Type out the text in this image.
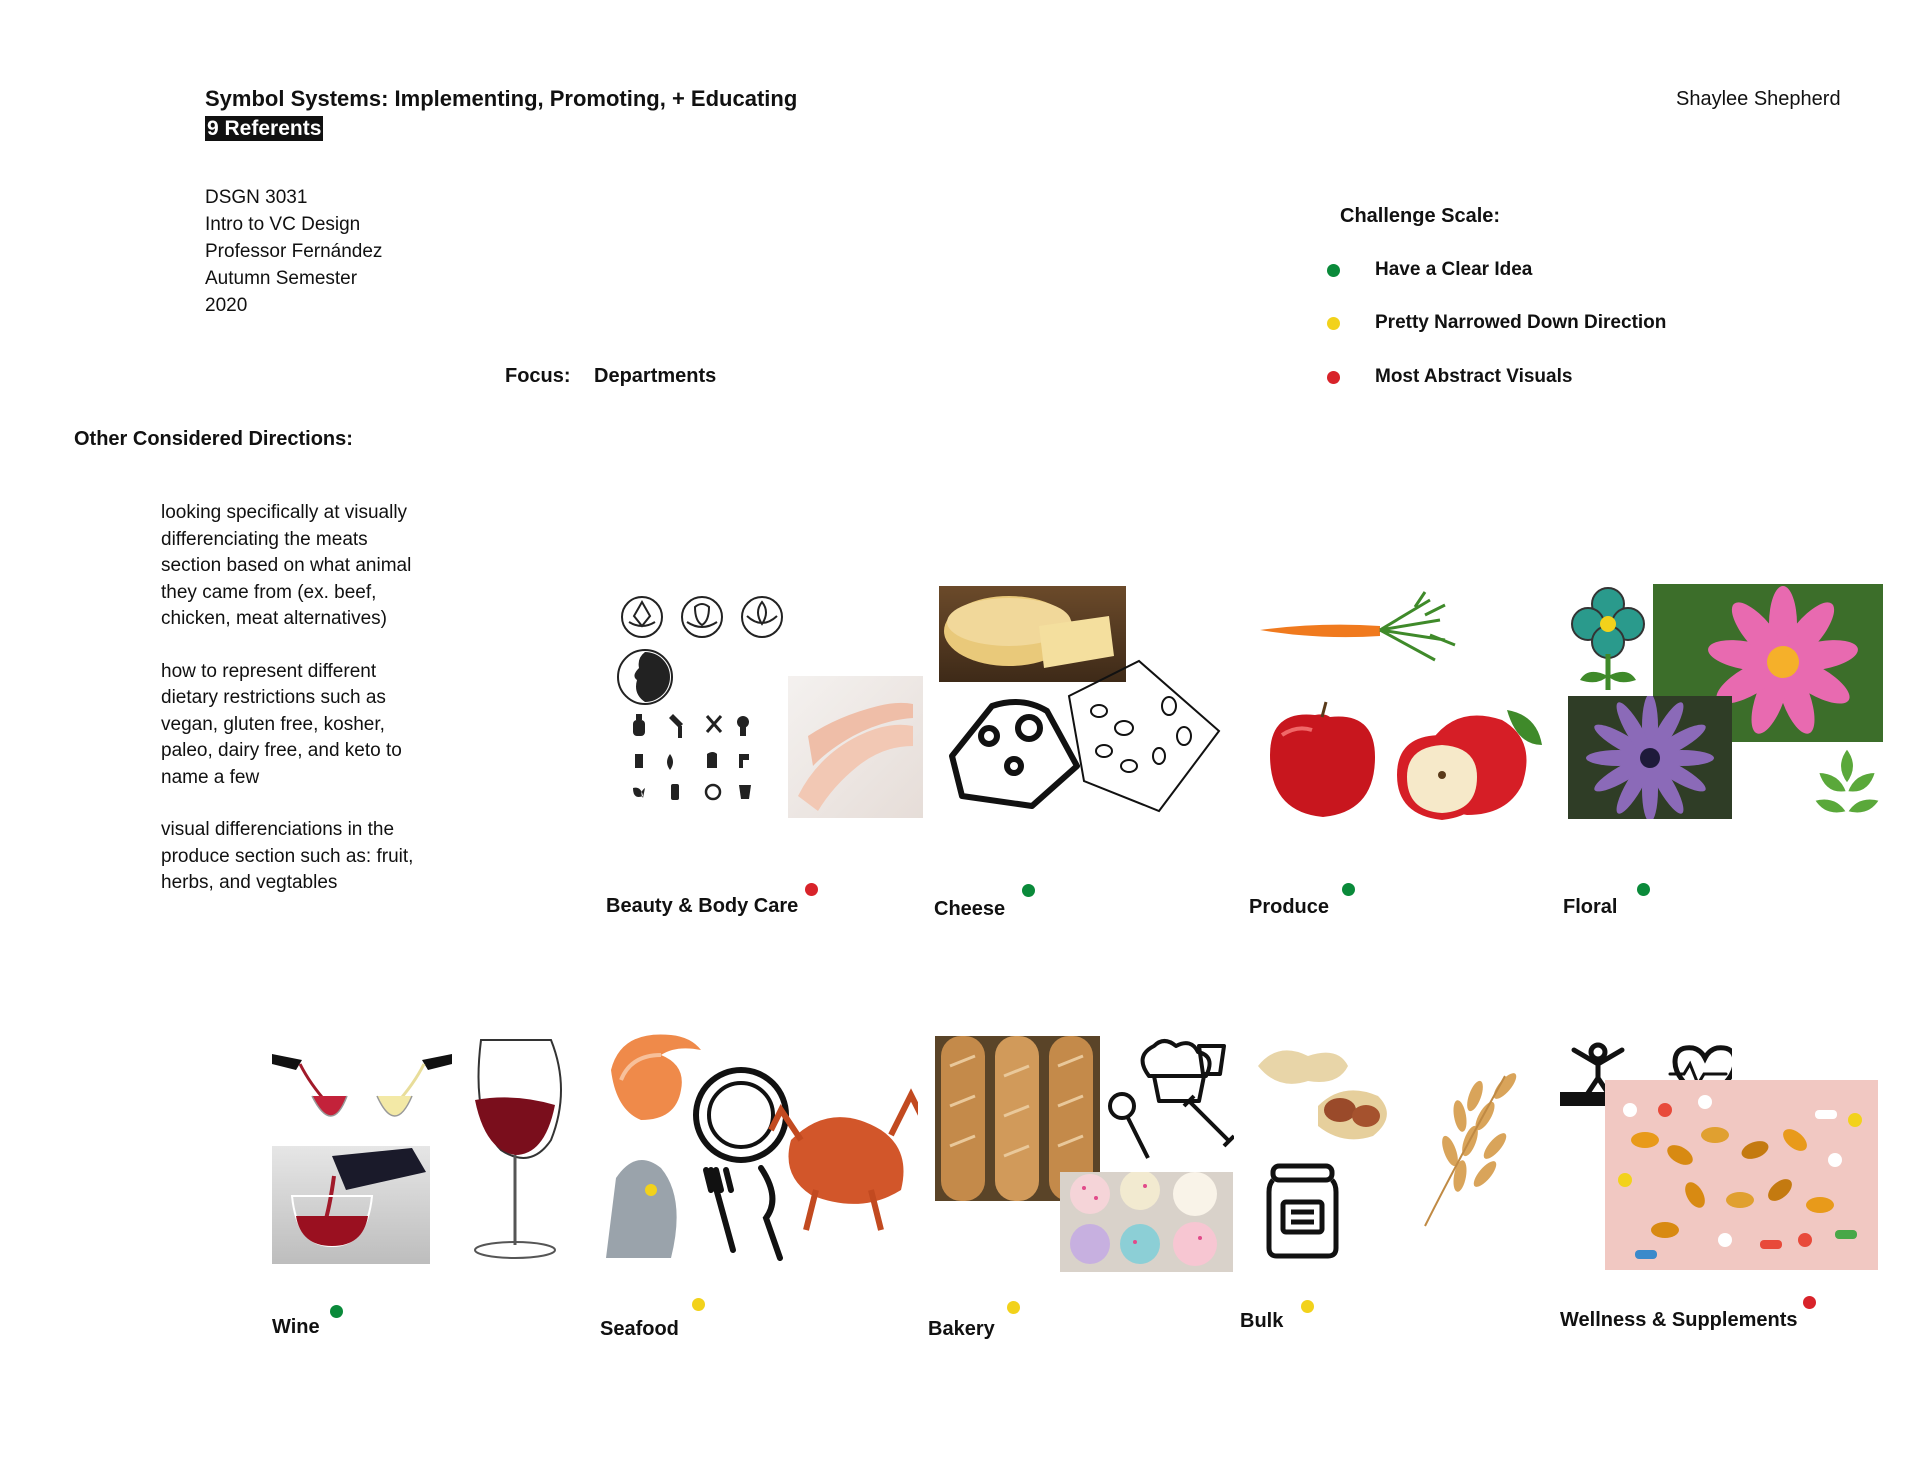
Symbol Systems: Implementing, Promoting, + Educating
9 Referents
Shaylee Shepherd
DSGN 3031
Intro to VC Design
Professor Fernández
Autumn Semester
2020
Challenge Scale:
Have a Clear Idea
Pretty Narrowed Down Direction
Most Abstract Visuals
Focus: Departments
Other Considered Directions:

looking specifically at visually differenciating the meats section based on what animal they came from (ex. beef, chicken, meat alternatives)

how to represent different dietary restrictions such as vegan, gluten free, kosher, paleo, dairy free, and keto to name a few

visual differenciations in the produce section such as: fruit, herbs, and vegtables

Beauty & Body Care	Cheese	Produce	Floral
Wine	Seafood	Bakery	Bulk	Wellness & Supplements
